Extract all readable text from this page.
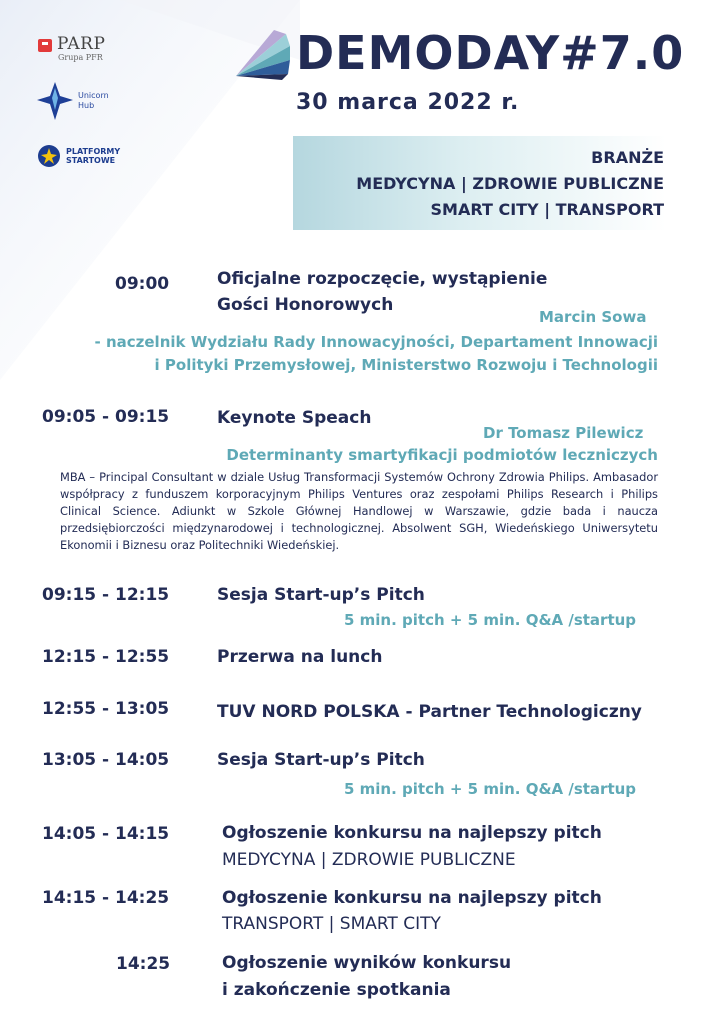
PARP
Grupa PFR
Unicorn
Hub
PLATFORMY
STARTOWE
DEMODAY#7.0
30 marca 2022 r.
BRANŻE
MEDYCYNA | ZDROWIE PUBLICZNE
SMART CITY | TRANSPORT
09:00	Oficjalne rozpoczęcie, wystąpienie
Gości Honorowych
Marcin Sowa
- naczelnik Wydziału Rady Innowacyjności, Departament Innowacji
i Polityki Przemysłowej, Ministerstwo Rozwoju i Technologii
09:05 - 09:15	Keynote Speach
Dr Tomasz Pilewicz
Determinanty smartyfikacji podmiotów leczniczych
MBA – Principal Consultant w dziale Usług Transformacji Systemów Ochrony Zdrowia Philips. Ambasador współpracy z funduszem korporacyjnym Philips Ventures oraz zespołami Philips Research i Philips Clinical Science. Adiunkt w Szkole Głównej Handlowej w Warszawie, gdzie bada i naucza przedsiębiorczości międzynarodowej i technologicznej. Absolwent SGH, Wiedeńskiego Uniwersytetu Ekonomii i Biznesu oraz Politechniki Wiedeńskiej.
09:15 - 12:15	Sesja Start-up’s Pitch
5 min. pitch + 5 min. Q&A /startup
12:15 - 12:55	Przerwa na lunch
12:55 - 13:05	TUV NORD POLSKA - Partner Technologiczny
13:05 - 14:05	Sesja Start-up’s Pitch
5 min. pitch + 5 min. Q&A /startup
14:05 - 14:15	Ogłoszenie konkursu na najlepszy pitch
MEDYCYNA | ZDROWIE PUBLICZNE
14:15 - 14:25	Ogłoszenie konkursu na najlepszy pitch
TRANSPORT | SMART CITY
14:25	Ogłoszenie wyników konkursu
i zakończenie spotkania
